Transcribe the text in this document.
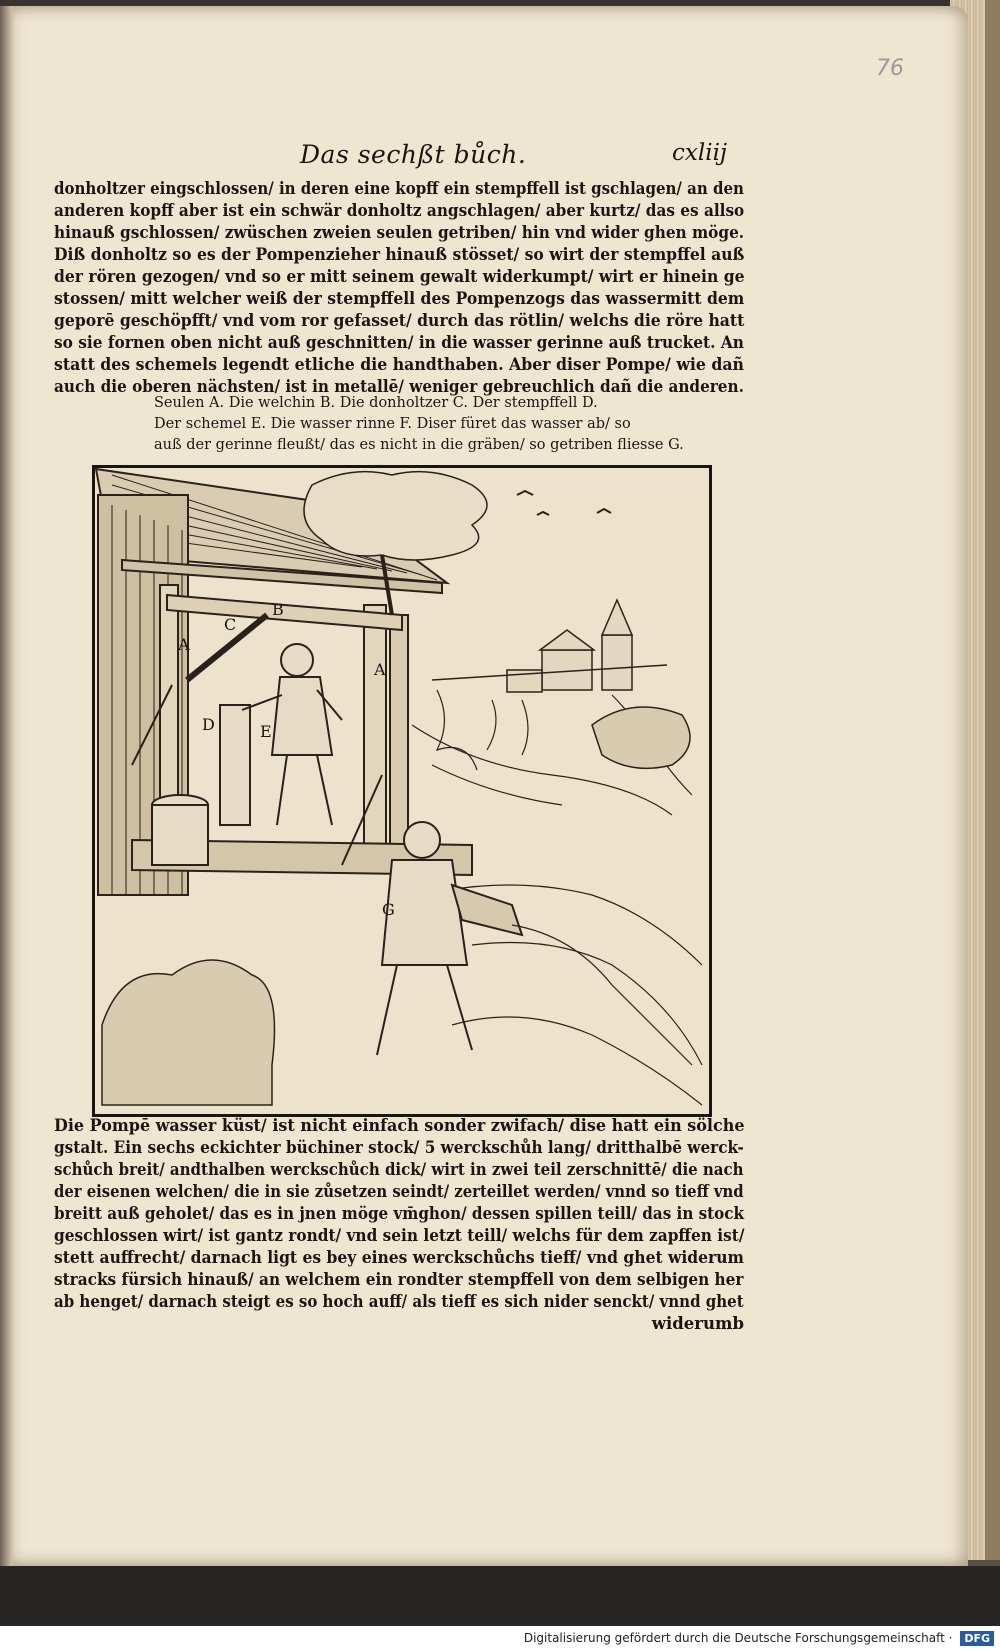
76
Das sechßt bůch.	cxliij
donholtzer eingschlossen/ in deren eine kopff ein stempffell ist gschlagen/ an den
anderen kopff aber ist ein schwär donholtz angschlagen/ aber kurtz/ das es allso
hinauß gschlossen/ zwüschen zweien seulen getriben/ hin vnd wider ghen möge.
Diß donholtz so es der Pompenzieher hinauß stösset/ so wirt der stempffel auß
der rören gezogen/ vnd so er mitt seinem gewalt widerkumpt/ wirt er hinein ge
stossen/ mitt welcher weiß der stempffell des Pompenzogs das wassermitt dem
geporē geschöpfft/ vnd vom ror gefasset/ durch das rötlin/ welchs die röre hatt
so sie fornen oben nicht auß geschnitten/ in die wasser gerinne auß trucket. An
statt des schemels legendt etliche die handthaben. Aber diser Pompe/ wie dañ
auch die oberen nächsten/ ist in metallē/ weniger gebreuchlich dañ die anderen.
Seulen A. Die welchin B. Die donholtzer C. Der stempffell D.
Der schemel E. Die wasser rinne F. Diser füret das wasser ab/ so
auß der gerinne fleußt/ das es nicht in die gräben/ so getriben fliesse G.
A
B
C
D	E
A
G
Die Pompē wasser küst/ ist nicht einfach sonder zwifach/ dise hatt ein sölche
gstalt. Ein sechs eckichter büchiner stock/ 5 werckschůh lang/ dritthalbē werck-
schůch breit/ andthalben werckschůch dick/ wirt in zwei teil zerschnittē/ die nach
der eisenen welchen/ die in sie zůsetzen seindt/ zerteillet werden/ vnnd so tieff vnd
breitt auß geholet/ das es in jnen möge vm̄ghon/ dessen spillen teill/ das in stock
geschlossen wirt/ ist gantz rondt/ vnd sein letzt teill/ welchs für dem zapffen ist/
stett auffrecht/ darnach ligt es bey eines werckschůchs tieff/ vnd ghet widerum
stracks fürsich hinauß/ an welchem ein rondter stempffell von dem selbigen her
ab henget/ darnach steigt es so hoch auff/ als tieff es sich nider senckt/ vnnd ghet
widerumb
Digitalisierung gefördert durch die Deutsche Forschungsgemeinschaft · DFG
